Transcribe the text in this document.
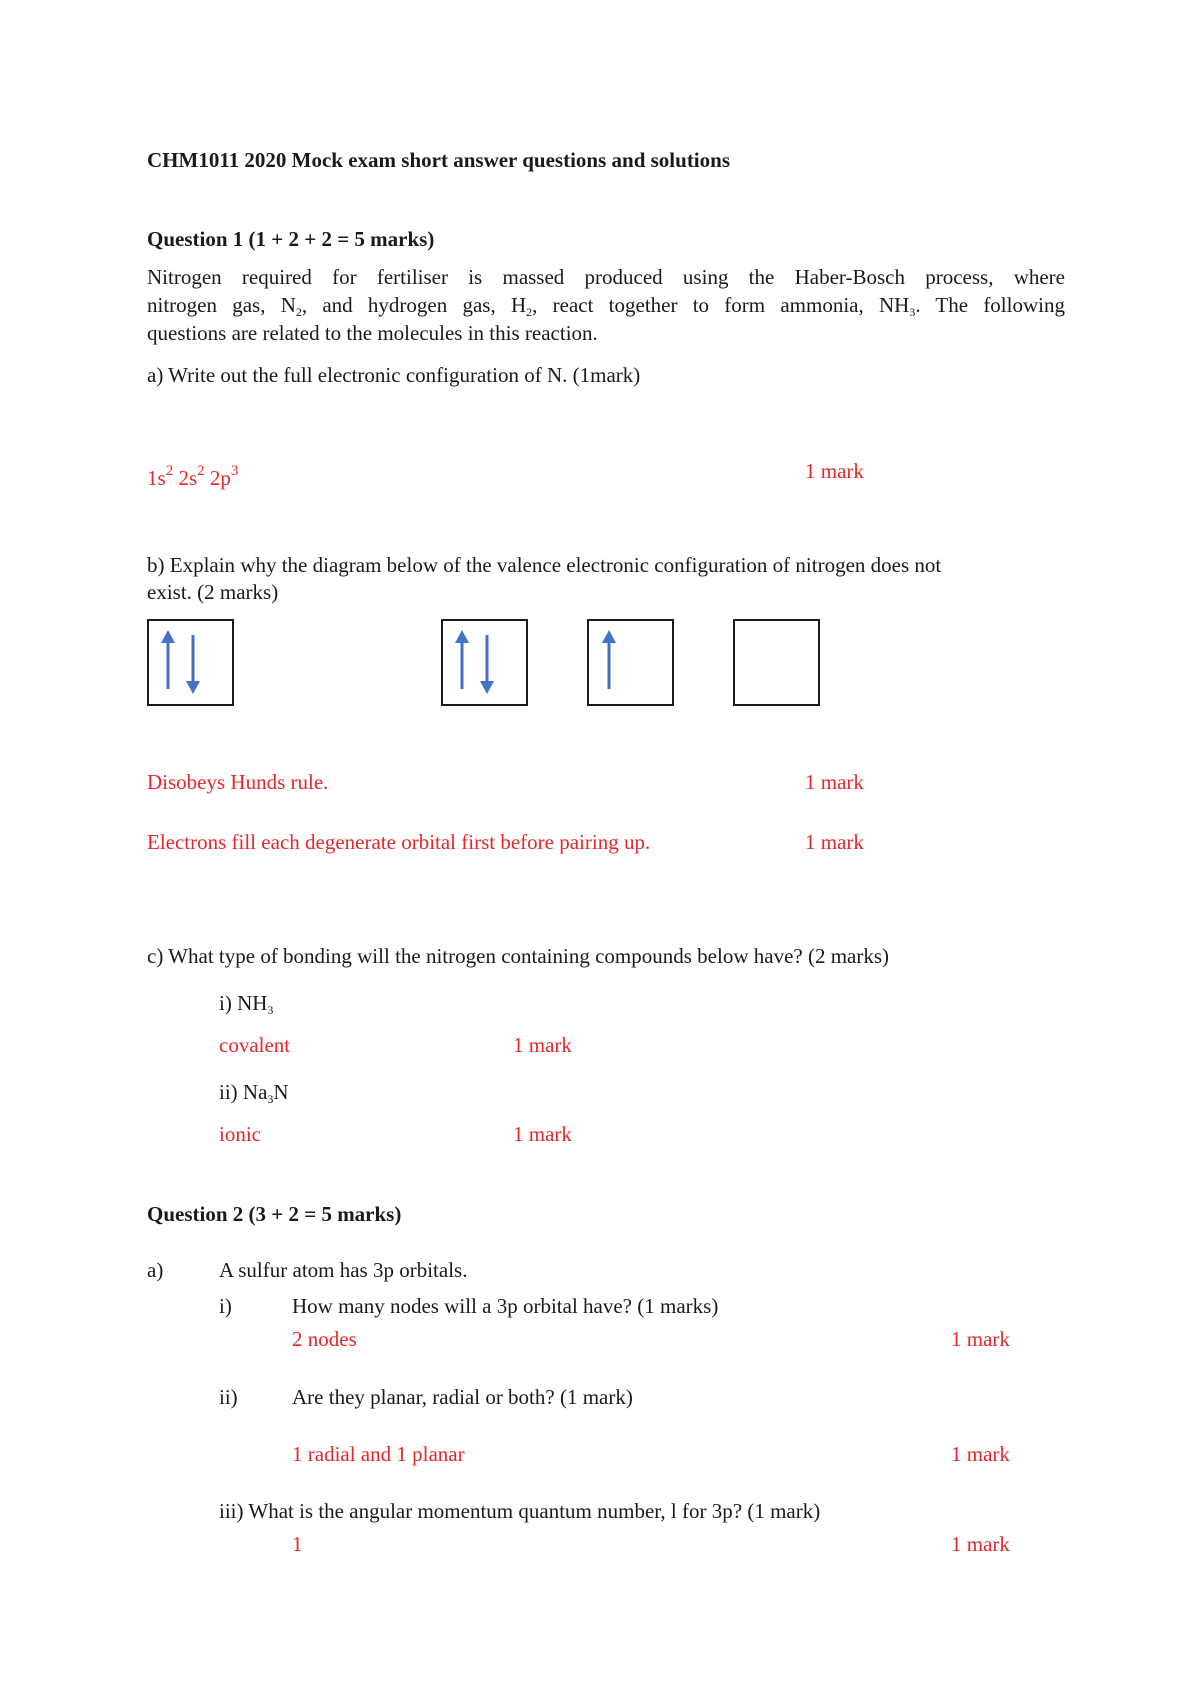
CHM1011 2020 Mock exam short answer questions and solutions
Question 1 (1 + 2 + 2 = 5 marks)
Nitrogen required for fertiliser is massed produced using the Haber-Bosch process, where
nitrogen gas, $N_2$, and hydrogen gas, $H_2$, react together to form ammonia, $NH_3$. The following
questions are related to the molecules in this reaction.
a) Write out the full electronic configuration of N. (1mark)
$1s^2$ $2s^2$ $2p^3$	1 mark
b) Explain why the diagram below of the valence electronic configuration of nitrogen does not
exist. (2 marks)
Disobeys Hunds rule.	1 mark
Electrons fill each degenerate orbital first before pairing up.	1 mark
c) What type of bonding will the nitrogen containing compounds below have? (2 marks)
i) $NH_3$
covalent	1 mark
ii) $Na_3N$
ionic	1 mark
Question 2 (3 + 2 = 5 marks)
a)	A sulfur atom has 3p orbitals.
i)	How many nodes will a 3p orbital have? (1 marks)
2 nodes	1 mark
ii)	Are they planar, radial or both? (1 mark)
1 radial and 1 planar	1 mark
iii) What is the angular momentum quantum number, l for 3p? (1 mark)
1	1 mark
